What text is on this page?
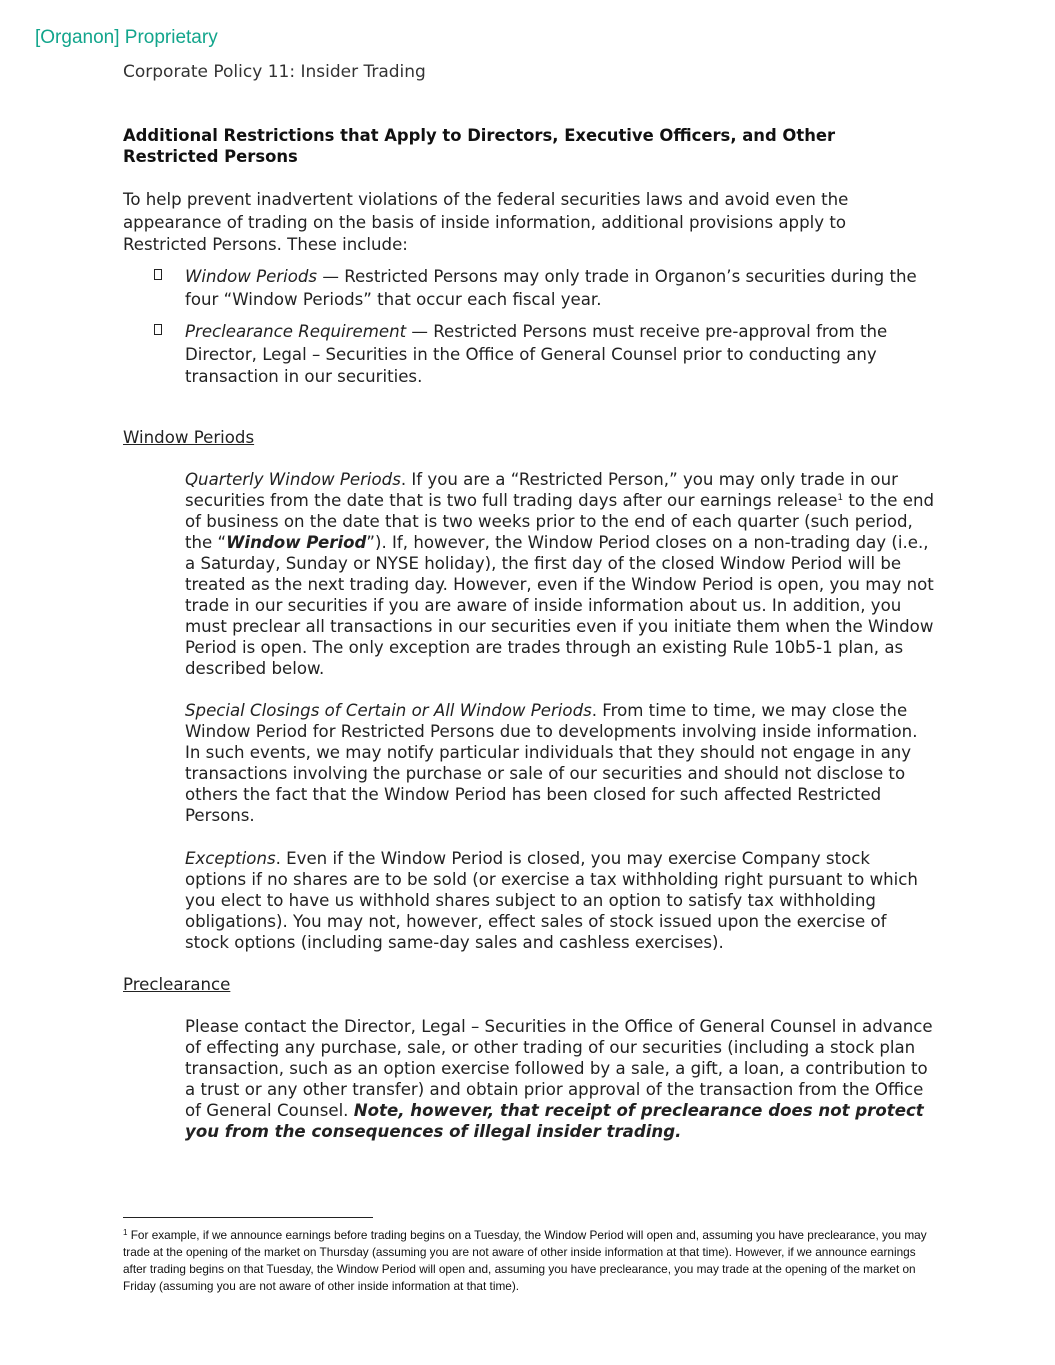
[Organon] Proprietary
Corporate Policy 11: Insider Trading
Additional Restrictions that Apply to Directors, Executive Officers, and Other Restricted Persons

To help prevent inadvertent violations of the federal securities laws and avoid even the appearance of trading on the basis of inside information, additional provisions apply to Restricted Persons. These include:

Window Periods — Restricted Persons may only trade in Organon’s securities during the four “Window Periods” that occur each fiscal year.
Preclearance Requirement — Restricted Persons must receive pre-approval from the Director, Legal – Securities in the Office of General Counsel prior to conducting any transaction in our securities.
Window Periods

Quarterly Window Periods. If you are a “Restricted Person,” you may only trade in our securities from the date that is two full trading days after our earnings release$^1$ to the end of business on the date that is two weeks prior to the end of each quarter (such period, the “Window Period”). If, however, the Window Period closes on a non-trading day (i.e., a Saturday, Sunday or NYSE holiday), the first day of the closed Window Period will be treated as the next trading day. However, even if the Window Period is open, you may not trade in our securities if you are aware of inside information about us. In addition, you must preclear all transactions in our securities even if you initiate them when the Window Period is open. The only exception are trades through an existing Rule 10b5-1 plan, as described below.

Special Closings of Certain or All Window Periods. From time to time, we may close the Window Period for Restricted Persons due to developments involving inside information. In such events, we may notify particular individuals that they should not engage in any transactions involving the purchase or sale of our securities and should not disclose to others the fact that the Window Period has been closed for such affected Restricted Persons.

Exceptions. Even if the Window Period is closed, you may exercise Company stock options if no shares are to be sold (or exercise a tax withholding right pursuant to which you elect to have us withhold shares subject to an option to satisfy tax withholding obligations). You may not, however, effect sales of stock issued upon the exercise of stock options (including same-day sales and cashless exercises).

Preclearance

Please contact the Director, Legal – Securities in the Office of General Counsel in advance of effecting any purchase, sale, or other trading of our securities (including a stock plan transaction, such as an option exercise followed by a sale, a gift, a loan, a contribution to a trust or any other transfer) and obtain prior approval of the transaction from the Office of General Counsel. Note, however, that receipt of preclearance does not protect you from the consequences of illegal insider trading.

$^1$ For example, if we announce earnings before trading begins on a Tuesday, the Window Period will open and, assuming you have preclearance, you may trade at the opening of the market on Thursday (assuming you are not aware of other inside information at that time). However, if we announce earnings after trading begins on that Tuesday, the Window Period will open and, assuming you have preclearance, you may trade at the opening of the market on Friday (assuming you are not aware of other inside information at that time).
